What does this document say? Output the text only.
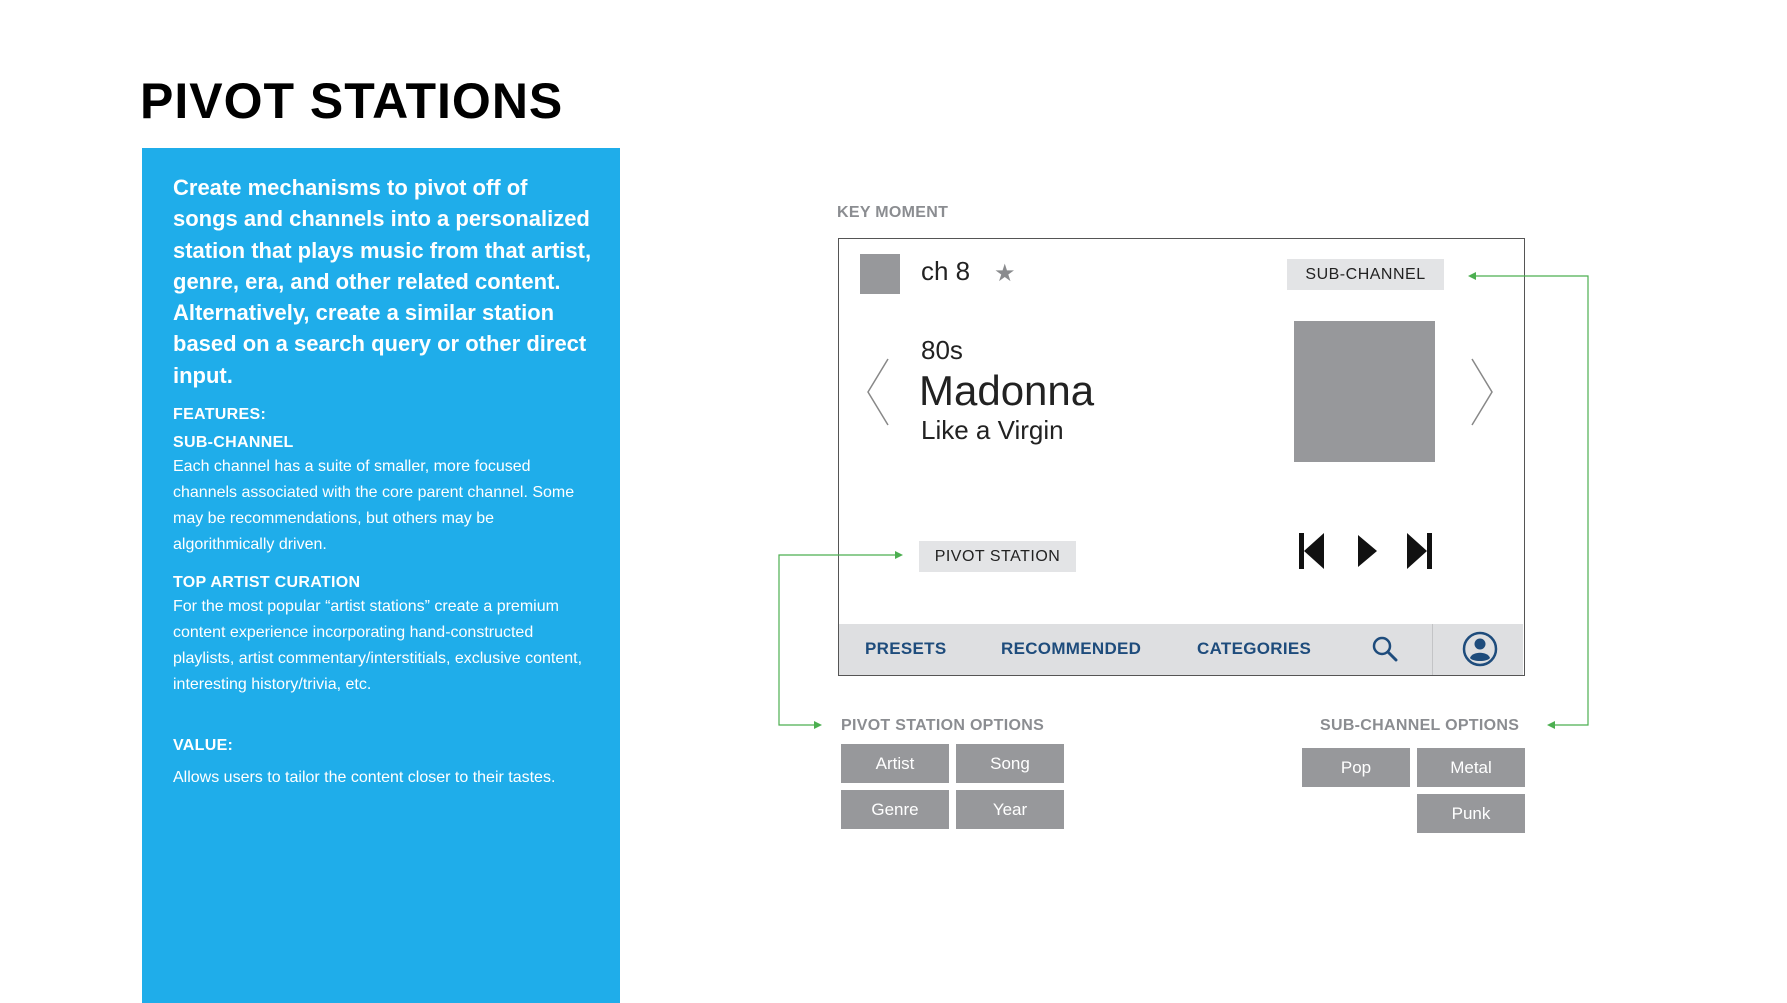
PIVOT STATIONS

Create mechanisms to pivot off of songs and channels into a personalized station that plays music from that artist, genre, era, and other related content. Alternatively, create a similar station based on a search query or other direct input.

FEATURES:

SUB-CHANNEL

Each channel has a suite of smaller, more focused channels associated with the core parent channel. Some may be recommendations, but others may be algorithmically driven.

TOP ARTIST CURATION

For the most popular “artist stations” create a premium content experience incorporating hand-constructed playlists, artist commentary/interstitials, exclusive content, interesting history/trivia, etc.

VALUE:

Allows users to tailor the content closer to their tastes.

KEY MOMENT
ch 8 ★	SUB-CHANNEL
80s
Madonna
Like a Virgin
PIVOT STATION
PRESETS	RECOMMENDED	CATEGORIES
PIVOT STATION OPTIONS
Artist	Song
Genre	Year
SUB-CHANNEL OPTIONS
Pop	Metal
Punk
